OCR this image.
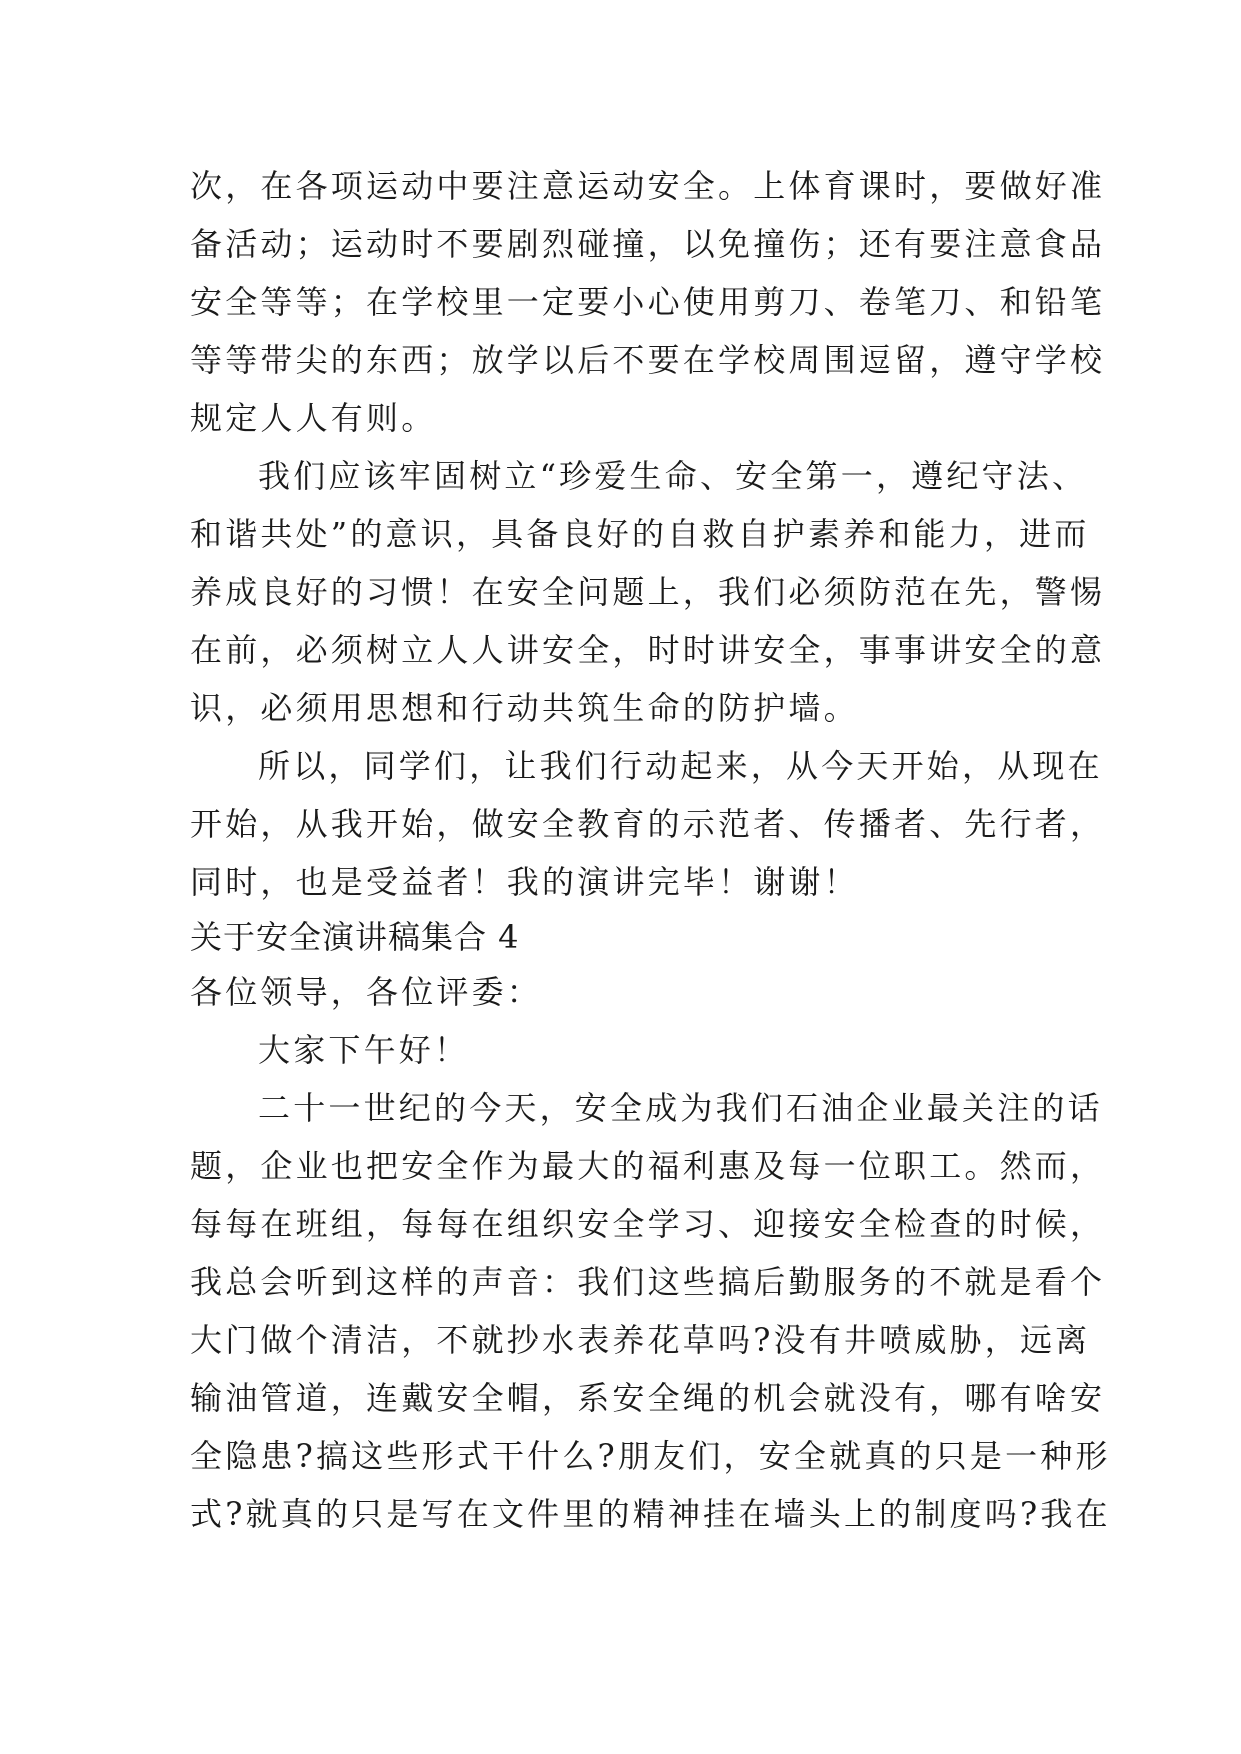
次，在各项运动中要注意运动安全。上体育课时，要做好准
备活动；运动时不要剧烈碰撞，以免撞伤；还有要注意食品
安全等等；在学校里一定要小心使用剪刀、卷笔刀、和铅笔
等等带尖的东西；放学以后不要在学校周围逗留，遵守学校
规定人人有则。
我们应该牢固树立“珍爱生命、安全第一，遵纪守法、
和谐共处”的意识，具备良好的自救自护素养和能力，进而
养成良好的习惯！在安全问题上，我们必须防范在先，警惕
在前，必须树立人人讲安全，时时讲安全，事事讲安全的意
识，必须用思想和行动共筑生命的防护墙。
所以，同学们，让我们行动起来，从今天开始，从现在
开始，从我开始，做安全教育的示范者、传播者、先行者，
同时，也是受益者！我的演讲完毕！谢谢！
关于安全演讲稿集合 4
各位领导，各位评委：
大家下午好！
二十一世纪的今天，安全成为我们石油企业最关注的话
题，企业也把安全作为最大的福利惠及每一位职工。然而，
每每在班组，每每在组织安全学习、迎接安全检查的时候，
我总会听到这样的声音：我们这些搞后勤服务的不就是看个
大门做个清洁，不就抄水表养花草吗?没有井喷威胁，远离
输油管道，连戴安全帽，系安全绳的机会就没有，哪有啥安
全隐患?搞这些形式干什么?朋友们，安全就真的只是一种形
式?就真的只是写在文件里的精神挂在墙头上的制度吗?我在
